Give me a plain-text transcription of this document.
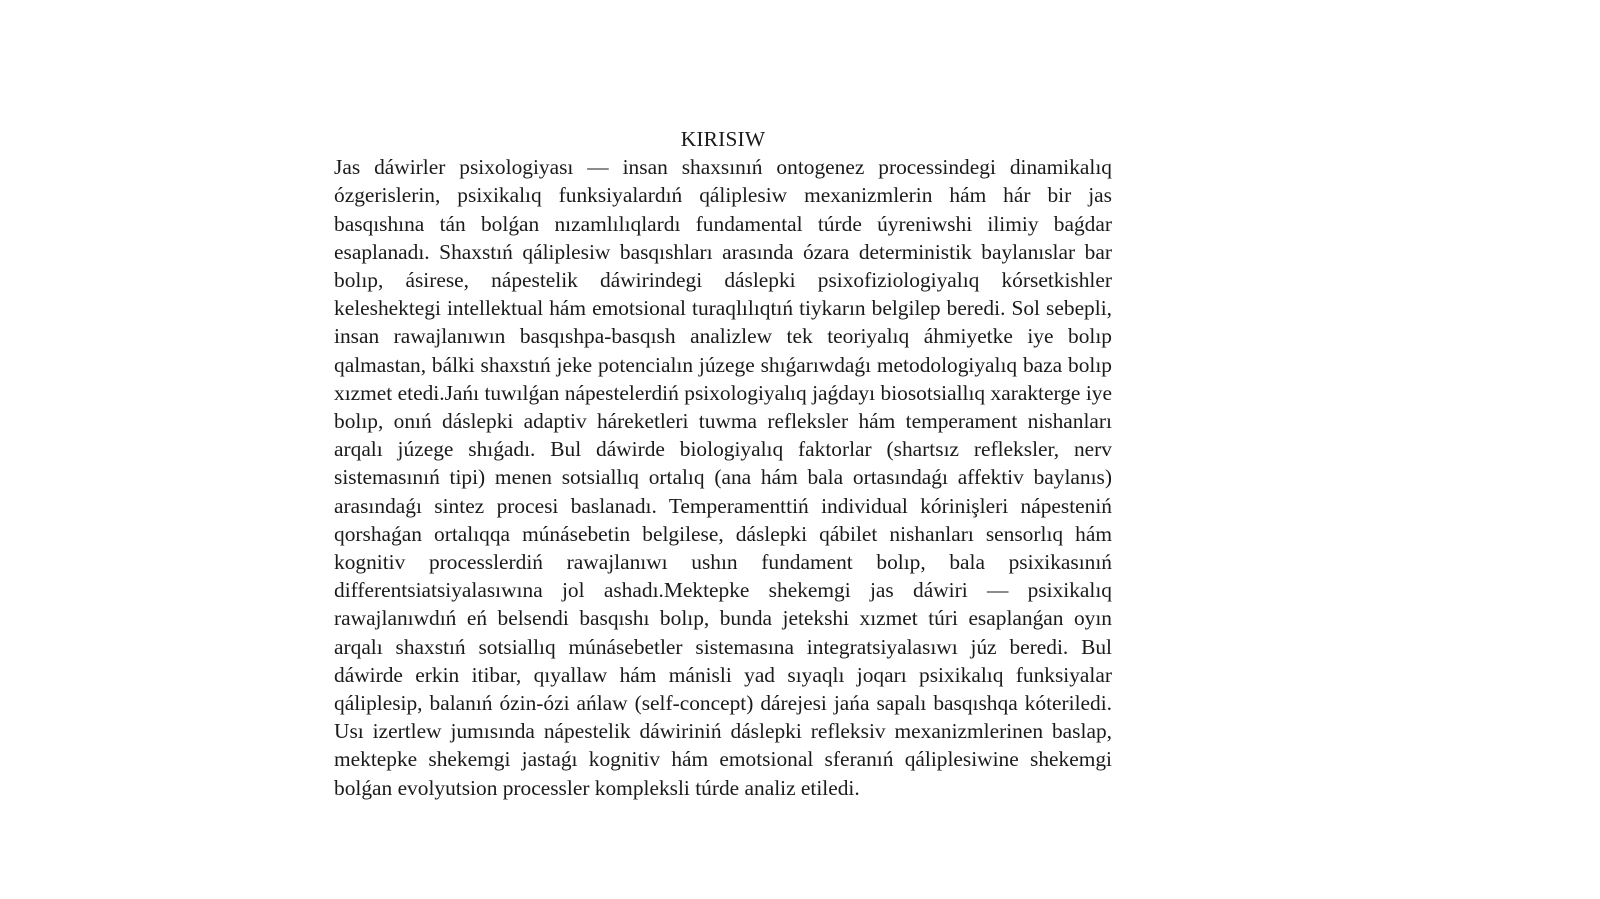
KIRISIW

Jas dáwirler psixologiyası — insan shaxsınıń ontogenez processindegi dinamikalıq ózgerislerin, psixikalıq funksiyalardıń qáliplesiw mexanizmlerin hám hár bir jas basqıshına tán bolǵan nızamlılıqlardı fundamental túrde úyreniwshi ilimiy baǵdar esaplanadı. Shaxstıń qáliplesiw basqıshları arasında ózara deterministik baylanıslar bar bolıp, ásirese, nápestelik dáwirindegi dáslepki psixofiziologiyalıq kórsetkishler keleshektegi intellektual hám emotsional turaqlılıqtıń tiykarın belgilep beredi. Sol sebepli, insan rawajlanıwın basqıshpa-basqısh analizlew tek teoriyalıq áhmiyetke iye bolıp qalmastan, bálki shaxstıń jeke potencialın júzege shıǵarıwdaǵı metodologiyalıq baza bolıp xızmet etedi.Jańı tuwılǵan nápestelerdiń psixologiyalıq jaǵdayı biosotsiallıq xarakterge iye bolıp, onıń dáslepki adaptiv háreketleri tuwma refleksler hám temperament nishanları arqalı júzege shıǵadı. Bul dáwirde biologiyalıq faktorlar (shartsız refleksler, nerv sistemasınıń tipi) menen sotsiallıq ortalıq (ana hám bala ortasındaǵı affektiv baylanıs) arasındaǵı sintez procesi baslanadı. Temperamenttiń individual kórinişleri nápesteniń qorshaǵan ortalıqqa múnásebetin belgilese, dáslepki qábilet nishanları sensorlıq hám kognitiv processlerdiń rawajlanıwı ushın fundament bolıp, bala psixikasınıń differentsiatsiyalasıwına jol ashadı.Mektepke shekemgi jas dáwiri — psixikalıq rawajlanıwdıń eń belsendi basqıshı bolıp, bunda jetekshi xızmet túri esaplanǵan oyın arqalı shaxstıń sotsiallıq múnásebetler sistemasına integratsiyalasıwı júz beredi. Bul dáwirde erkin itibar, qıyallaw hám mánisli yad sıyaqlı joqarı psixikalıq funksiyalar qáliplesip, balanıń ózin-ózi ańlaw (self-concept) dárejesi jańa sapalı basqıshqa kóteriledi. Usı izertlew jumısında nápestelik dáwiriniń dáslepki refleksiv mexanizmlerinen baslap, mektepke shekemgi jastaǵı kognitiv hám emotsional sferanıń qáliplesiwine shekemgi bolǵan evolyutsion processler kompleksli túrde analiz etiledi.
